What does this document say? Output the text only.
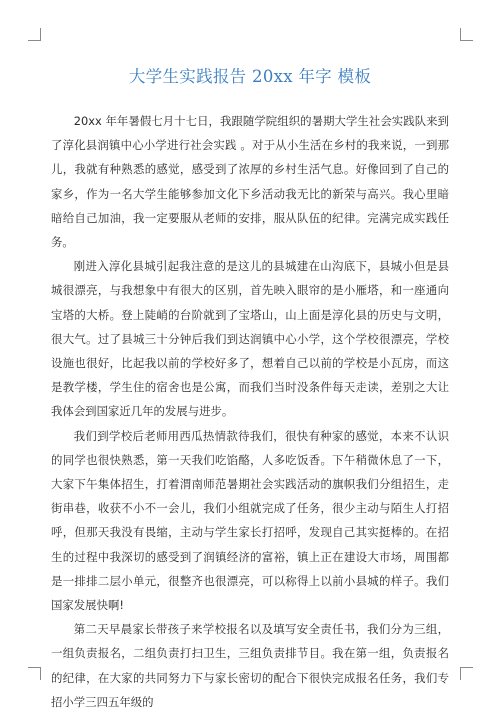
大学生实践报告 20xx 年字 模板

20xx 年年暑假七月十七日，我跟随学院组织的暑期大学生社会实践队来到了淳化县润镇中心小学进行社会实践 。对于从小生活在乡村的我来说，一到那儿，我就有种熟悉的感觉，感受到了浓厚的乡村生活气息。好像回到了自己的家乡，作为一名大学生能够参加文化下乡活动我无比的新荣与高兴。我心里暗暗给自己加油，我一定要服从老师的安排，服从队伍的纪律。完满完成实践任务。

刚进入淳化县城引起我注意的是这儿的县城建在山沟底下，县城小但是县城很漂亮，与我想象中有很大的区别，首先映入眼帘的是小雁塔，和一座通向宝塔的大桥。登上陡峭的台阶就到了宝塔山，山上面是淳化县的历史与文明，很大气。过了县城三十分钟后我们到达润镇中心小学，这个学校很漂亮，学校设施也很好，比起我以前的学校好多了，想着自己以前的学校是小瓦房，而这是教学楼，学生住的宿舍也是公寓，而我们当时没条件每天走读，差别之大让我体会到国家近几年的发展与进步。

我们到学校后老师用西瓜热情款待我们，很快有种家的感觉，本来不认识的同学也很快熟悉，第一天我们吃馅酪，人多吃饭香。下午稍微休息了一下，大家下午集体招生，打着渭南师范暑期社会实践活动的旗帜我们分组招生，走街串巷，收获不小不一会儿，我们小组就完成了任务，很少主动与陌生人打招呼，但那天我没有畏缩，主动与学生家长打招呼，发现自己其实挺棒的。在招生的过程中我深切的感受到了润镇经济的富裕，镇上正在建设大市场，周围都是一排排二层小单元，很整齐也很漂亮，可以称得上以前小县城的样子。我们国家发展快啊!

第二天早晨家长带孩子来学校报名以及填写安全责任书，我们分为三组，一组负责报名，二组负责打扫卫生，三组负责排节目。我在第一组，负责报名的纪律，在大家的共同努力下与家长密切的配合下很快完成报名任务，我们专招小学三四五年级的
